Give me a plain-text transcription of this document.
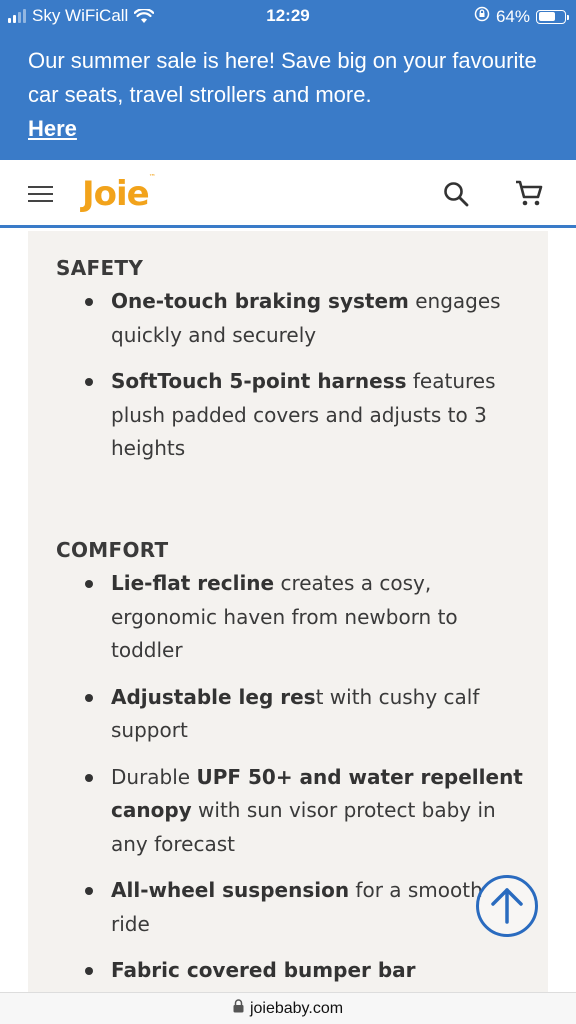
Sky WiFiCall	12:29	64%
Our summer sale is here! Save big on your favourite car seats, travel strollers and more.
Here
Joie™
SAFETY
One-touch braking system engages quickly and securely
SoftTouch 5-point harness features plush padded covers and adjusts to 3 heights
COMFORT
Lie-flat recline creates a cosy, ergonomic haven from newborn to toddler
Adjustable leg rest with cushy calf support
Durable UPF 50+ and water repellent canopy with sun visor protect baby in any forecast
All-wheel suspension for a smooth ride
Fabric covered bumper bar
joiebaby.com
